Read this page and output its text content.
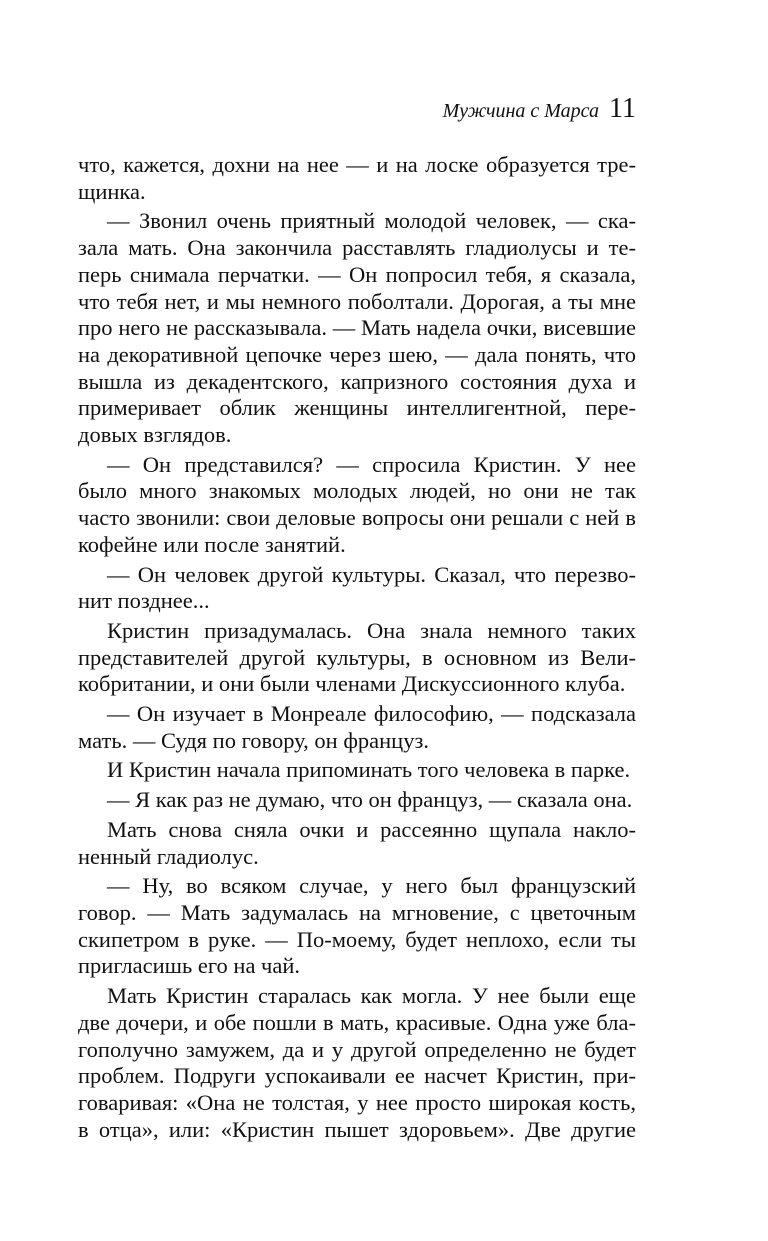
Мужчина с Марса 11

что, кажется, дохни на нее — и на лоске образуется трещинка.

— Звонил очень приятный молодой человек, — сказала мать. Она закончила расставлять гладиолусы и теперь снимала перчатки. — Он попросил тебя, я сказала, что тебя нет, и мы немного поболтали. Дорогая, а ты мне про него не рассказывала. — Мать надела очки, висевшие на декоративной цепочке через шею, — дала понять, что вышла из декадентского, капризного состояния духа и примеривает облик женщины интеллигентной, передовых взглядов.

— Он представился? — спросила Кристин. У нее было много знакомых молодых людей, но они не так часто звонили: свои деловые вопросы они решали с ней в кофейне или после занятий.

— Он человек другой культуры. Сказал, что перезвонит позднее...

Кристин призадумалась. Она знала немного таких представителей другой культуры, в основном из Великобритании, и они были членами Дискуссионного клуба.

— Он изучает в Монреале философию, — подсказала мать. — Судя по говору, он француз.

И Кристин начала припоминать того человека в парке.

— Я как раз не думаю, что он француз, — сказала она.

Мать снова сняла очки и рассеянно щупала наклоненный гладиолус.

— Ну, во всяком случае, у него был французский говор. — Мать задумалась на мгновение, с цветочным скипетром в руке. — По-моему, будет неплохо, если ты пригласишь его на чай.

Мать Кристин старалась как могла. У нее были еще две дочери, и обе пошли в мать, красивые. Одна уже благополучно замужем, да и у другой определенно не будет проблем. Подруги успокаивали ее насчет Кристин, приговаривая: «Она не толстая, у нее просто широкая кость, в отца», или: «Кристин пышет здоровьем». Две другие
